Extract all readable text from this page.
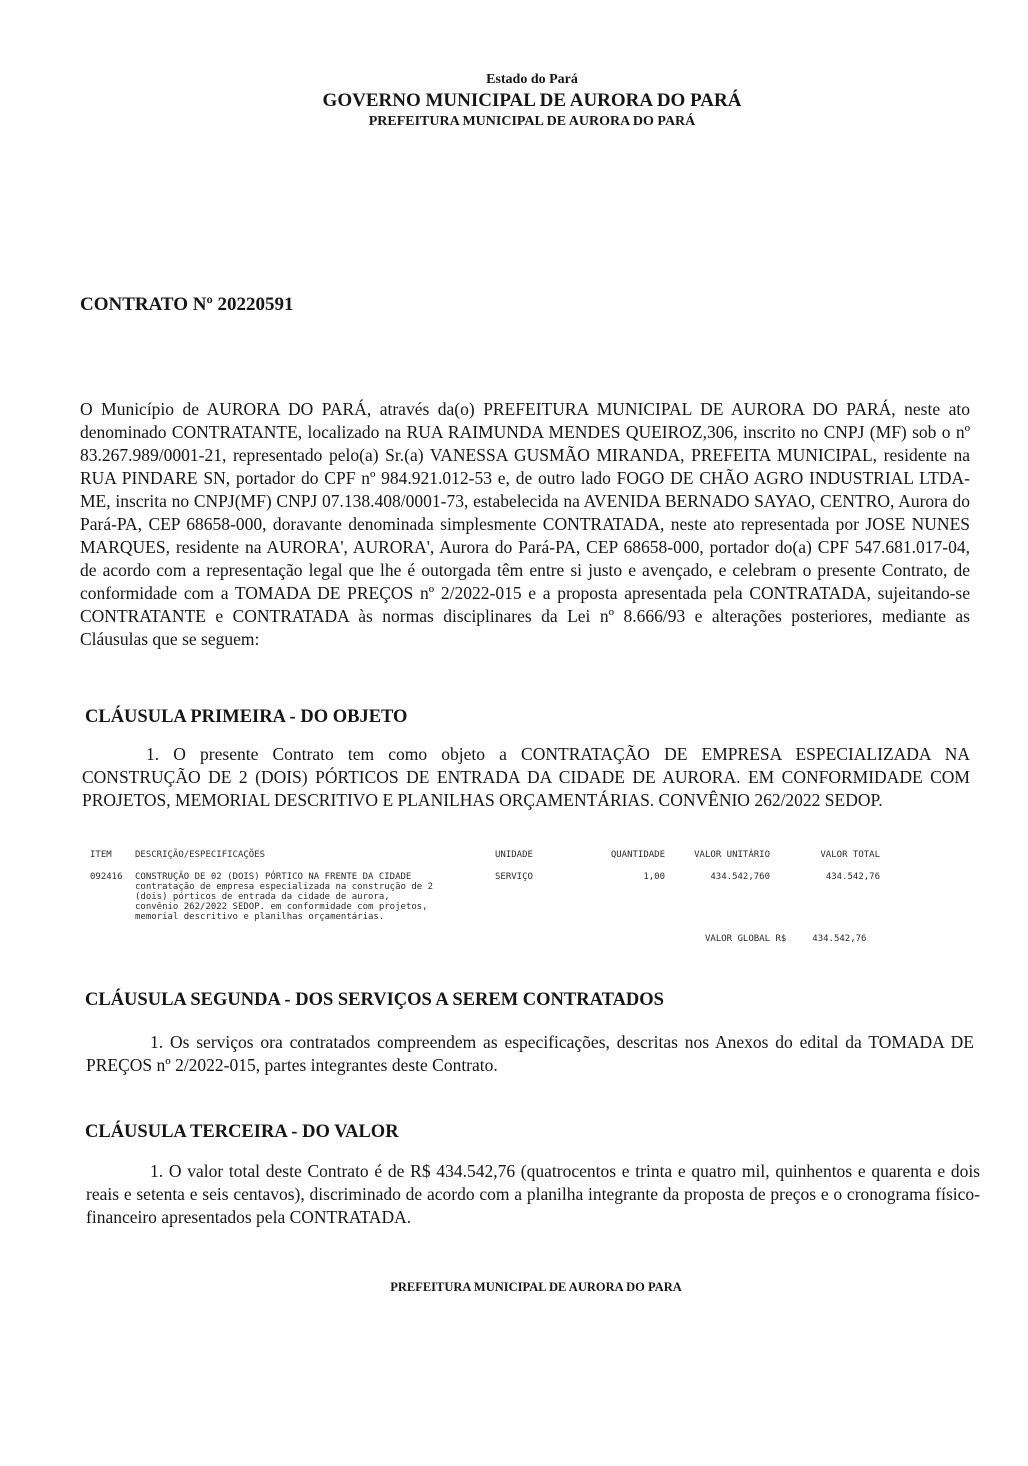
Estado do Pará
GOVERNO MUNICIPAL DE AURORA DO PARÁ
PREFEITURA MUNICIPAL DE AURORA DO PARÁ
CONTRATO Nº 20220591
O Município de AURORA DO PARÁ, através da(o) PREFEITURA MUNICIPAL DE AURORA DO PARÁ, neste ato denominado CONTRATANTE, localizado na RUA RAIMUNDA MENDES QUEIROZ,306, inscrito no CNPJ (MF) sob o nº 83.267.989/0001-21, representado pelo(a) Sr.(a) VANESSA GUSMÃO MIRANDA, PREFEITA MUNICIPAL, residente na RUA PINDARE SN, portador do CPF nº 984.921.012-53 e, de outro lado FOGO DE CHÃO AGRO INDUSTRIAL LTDA-ME, inscrita no CNPJ(MF) CNPJ 07.138.408/0001-73, estabelecida na AVENIDA BERNADO SAYAO, CENTRO, Aurora do Pará-PA, CEP 68658-000, doravante denominada simplesmente CONTRATADA, neste ato representada por JOSE NUNES MARQUES, residente na AURORA', AURORA', Aurora do Pará-PA, CEP 68658-000, portador do(a) CPF 547.681.017-04, de acordo com a representação legal que lhe é outorgada têm entre si justo e avençado, e celebram o presente Contrato, de conformidade com a TOMADA DE PREÇOS nº 2/2022-015 e a proposta apresentada pela CONTRATADA, sujeitando-se CONTRATANTE e CONTRATADA às normas disciplinares da Lei nº 8.666/93 e alterações posteriores, mediante as Cláusulas que se seguem:
CLÁUSULA PRIMEIRA - DO OBJETO
1. O presente Contrato tem como objeto a CONTRATAÇÃO DE EMPRESA ESPECIALIZADA NA CONSTRUÇÃO DE 2 (DOIS) PÓRTICOS DE ENTRADA DA CIDADE DE AURORA. EM CONFORMIDADE COM PROJETOS, MEMORIAL DESCRITIVO E PLANILHAS ORÇAMENTÁRIAS. CONVÊNIO 262/2022 SEDOP.
ITEM	DESCRIÇÃO/ESPECIFICAÇÕES	UNIDADE	QUANTIDADE	VALOR UNITÁRIO	VALOR TOTAL
092416	CONSTRUÇÃO DE 02 (DOIS) PÓRTICO NA FRENTE DA CIDADE
contratação de empresa especializada na construção de 2
(dois) pórticos de entrada da cidade de aurora,
convênio 262/2022 SEDOP. em conformidade com projetos,
memorial descritivo e planilhas orçamentárias.
SERVIÇO	1,00	434.542,760	434.542,76
VALOR GLOBAL R$	434.542,76
CLÁUSULA SEGUNDA - DOS SERVIÇOS A SEREM CONTRATADOS
1. Os serviços ora contratados compreendem as especificações, descritas nos Anexos do edital da TOMADA DE PREÇOS nº 2/2022-015, partes integrantes deste Contrato.
CLÁUSULA TERCEIRA - DO VALOR
1. O valor total deste Contrato é de R$ 434.542,76 (quatrocentos e trinta e quatro mil, quinhentos e quarenta e dois reais e setenta e seis centavos), discriminado de acordo com a planilha integrante da proposta de preços e o cronograma físico-financeiro apresentados pela CONTRATADA.
PREFEITURA MUNICIPAL DE AURORA DO PARA
